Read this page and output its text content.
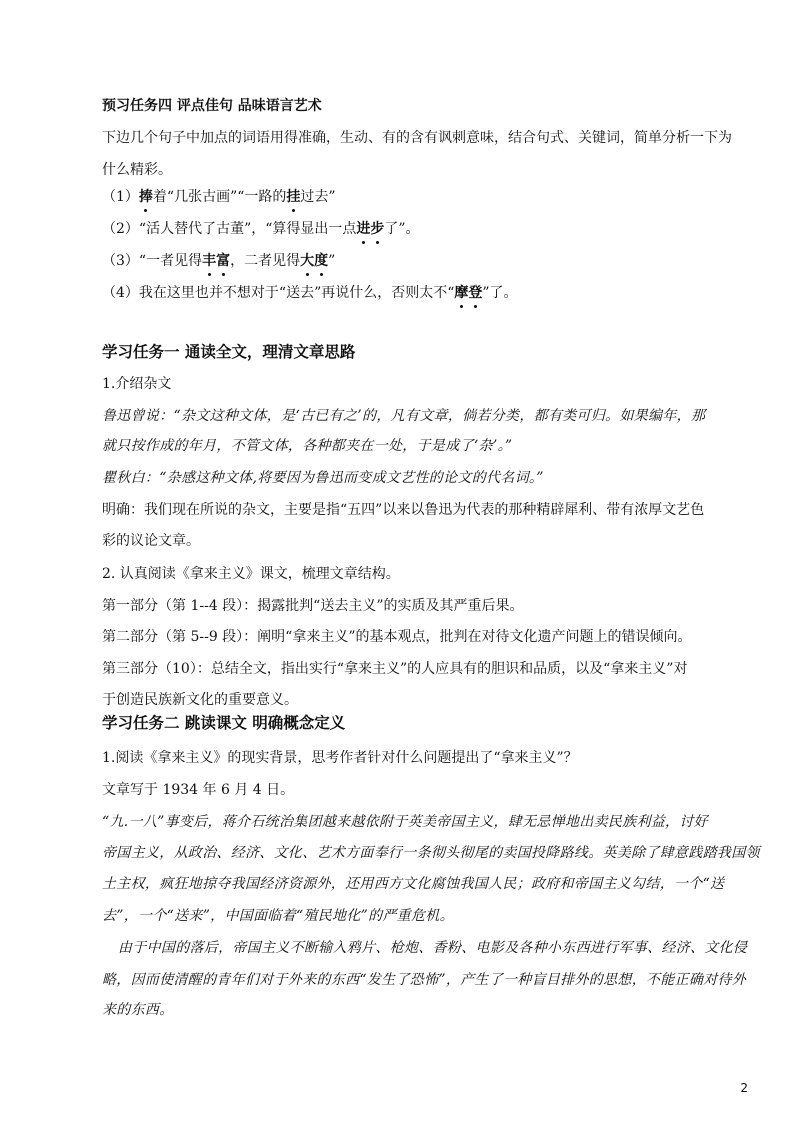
预习任务四 评点佳句 品味语言艺术
下边几个句子中加点的词语用得准确，生动、有的含有讽刺意味，结合句式、关键词，简单分析一下为
什么精彩。
（1）捧着“几张古画”“一路的挂过去”
（2）“活人替代了古董”，“算得显出一点进步了”。
（3）“一者见得丰富，二者见得大度”
（4）我在这里也并不想对于“送去”再说什么，否则太不“摩登”了。
学习任务一 通读全文，理清文章思路
1.介绍杂文
鲁迅曾说：“杂文这种文体，是‘古已有之’的，凡有文章，倘若分类，都有类可归。如果编年，那
就只按作成的年月，不管文体，各种都夹在一处，于是成了‘杂’。”
瞿秋白：“杂感这种文体,将要因为鲁迅而变成文艺性的论文的代名词。”
明确：我们现在所说的杂文，主要是指“五四”以来以鲁迅为代表的那种精辟犀利、带有浓厚文艺色
彩的议论文章。
2. 认真阅读《拿来主义》课文，梳理文章结构。
第一部分（第 1--4 段）：揭露批判“送去主义”的实质及其严重后果。
第二部分（第 5--9 段）：阐明“拿来主义”的基本观点，批判在对待文化遗产问题上的错误倾向。
第三部分（10）：总结全文，指出实行“拿来主义”的人应具有的胆识和品质，以及“拿来主义”对
于创造民族新文化的重要意义。
学习任务二 跳读课文 明确概念定义
1.阅读《拿来主义》的现实背景，思考作者针对什么问题提出了“拿来主义”？
文章写于 1934 年 6 月 4 日。
“九.一八”事变后，蒋介石统治集团越来越依附于英美帝国主义，肆无忌惮地出卖民族利益，讨好
帝国主义，从政治、经济、文化、艺术方面奉行一条彻头彻尾的卖国投降路线。英美除了肆意践踏我国领
土主权，疯狂地掠夺我国经济资源外，还用西方文化腐蚀我国人民；政府和帝国主义勾结，一个“送
去”，一个“送来”，中国面临着“殖民地化”的严重危机。
由于中国的落后，帝国主义不断输入鸦片、枪炮、香粉、电影及各种小东西进行军事、经济、文化侵
略，因而使清醒的青年们对于外来的东西“发生了恐怖”，产生了一种盲目排外的思想，不能正确对待外
来的东西。
2
